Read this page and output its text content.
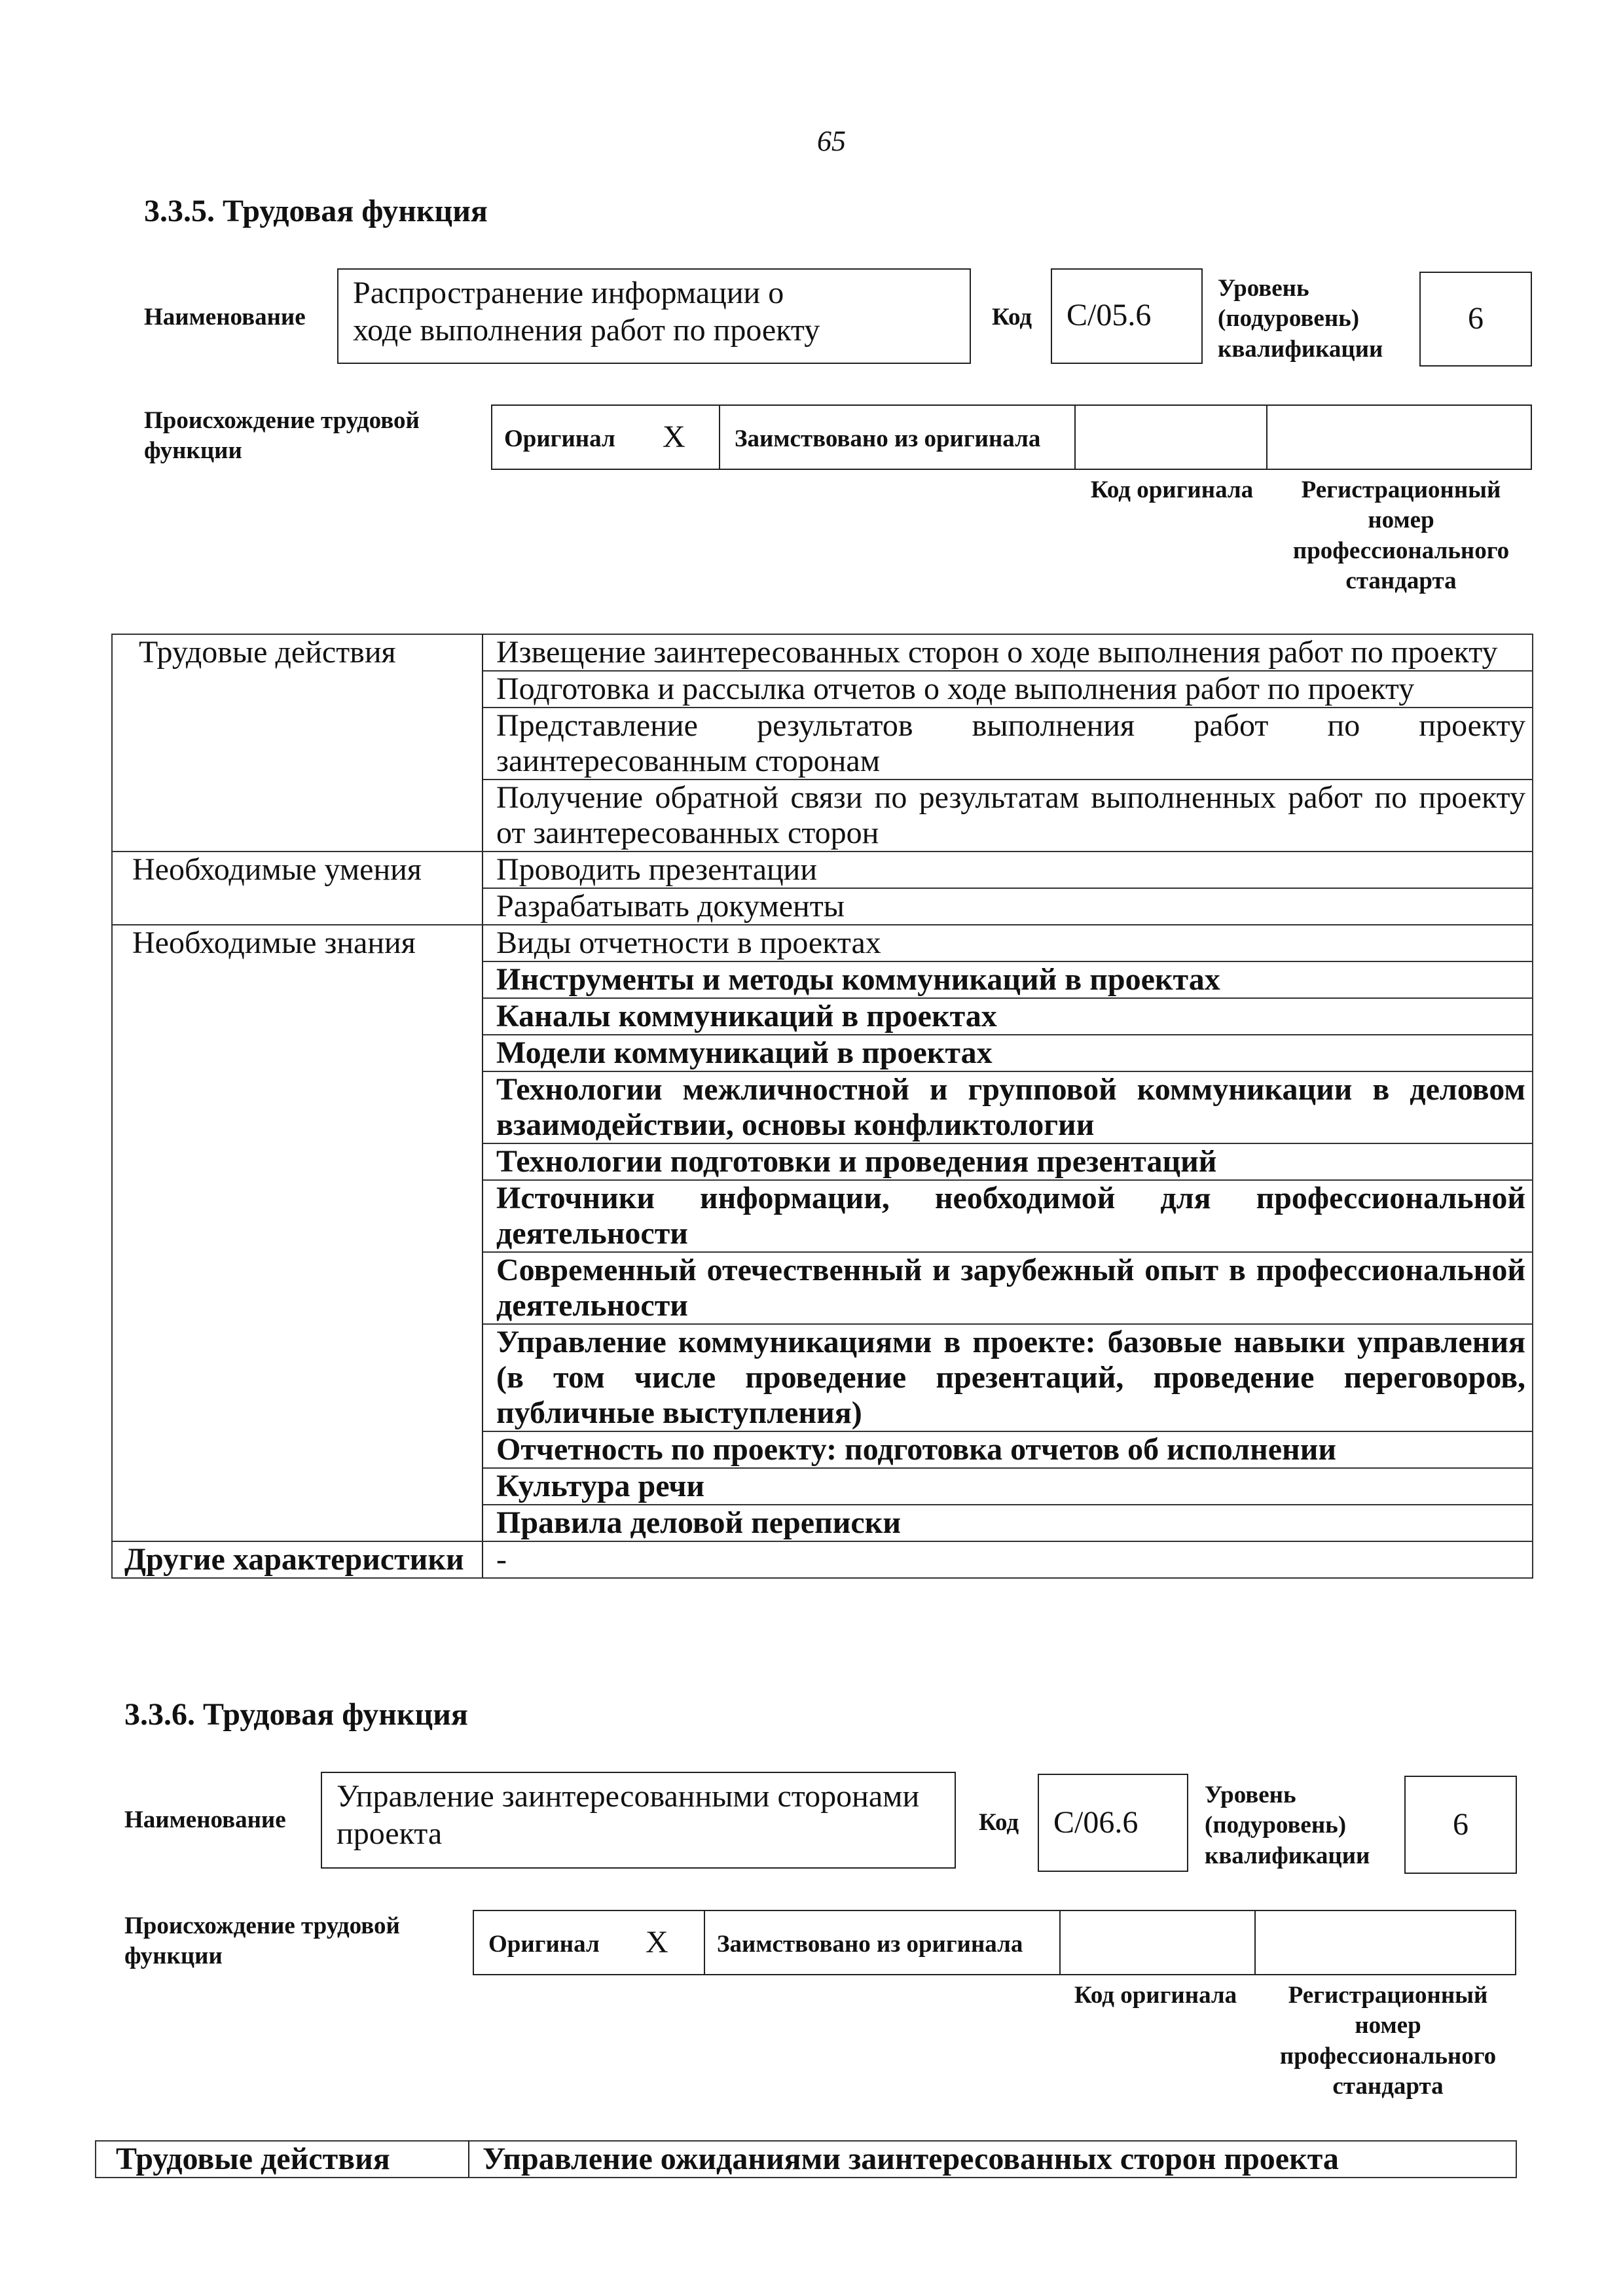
65
3.3.5. Трудовая функция
Наименование
Распространение информации о ходе выполнения работ по проекту	Код C/05.6
Уровень (подуровень) квалификации
6
Происхождение трудовой функции	Оригинал X Заимствовано из оригинала
Код оригинала	Регистрационный номер профессионального стандарта
Трудовые действия	Извещение заинтересованных сторон о ходе выполнения работ по проекту
	Подготовка и рассылка отчетов о ходе выполнения работ по проекту
	Представление результатов выполнения работ по проекту заинтересованным сторонам
	Получение обратной связи по результатам выполненных работ по проекту от заинтересованных сторон
Необходимые умения	Проводить презентации
	Разрабатывать документы
Необходимые знания	Виды отчетности в проектах
	Инструменты и методы коммуникаций в проектах
	Каналы коммуникаций в проектах
	Модели коммуникаций в проектах
	Технологии межличностной и групповой коммуникации в деловом взаимодействии, основы конфликтологии
	Технологии подготовки и проведения презентаций
	Источники информации, необходимой для профессиональной деятельности
	Современный отечественный и зарубежный опыт в профессиональной деятельности
	Управление коммуникациями в проекте: базовые навыки управления (в том числе проведение презентаций, проведение переговоров, публичные выступления)
	Отчетность по проекту: подготовка отчетов об исполнении
	Культура речи
	Правила деловой переписки
Другие характеристики	-
3.3.6. Трудовая функция
Наименование
Управление заинтересованными сторонами проекта	Код C/06.6
Уровень (подуровень) квалификации
6
Происхождение трудовой функции	Оригинал X Заимствовано из оригинала
Код оригинала	Регистрационный номер профессионального стандарта
Трудовые действия	Управление ожиданиями заинтересованных сторон проекта
